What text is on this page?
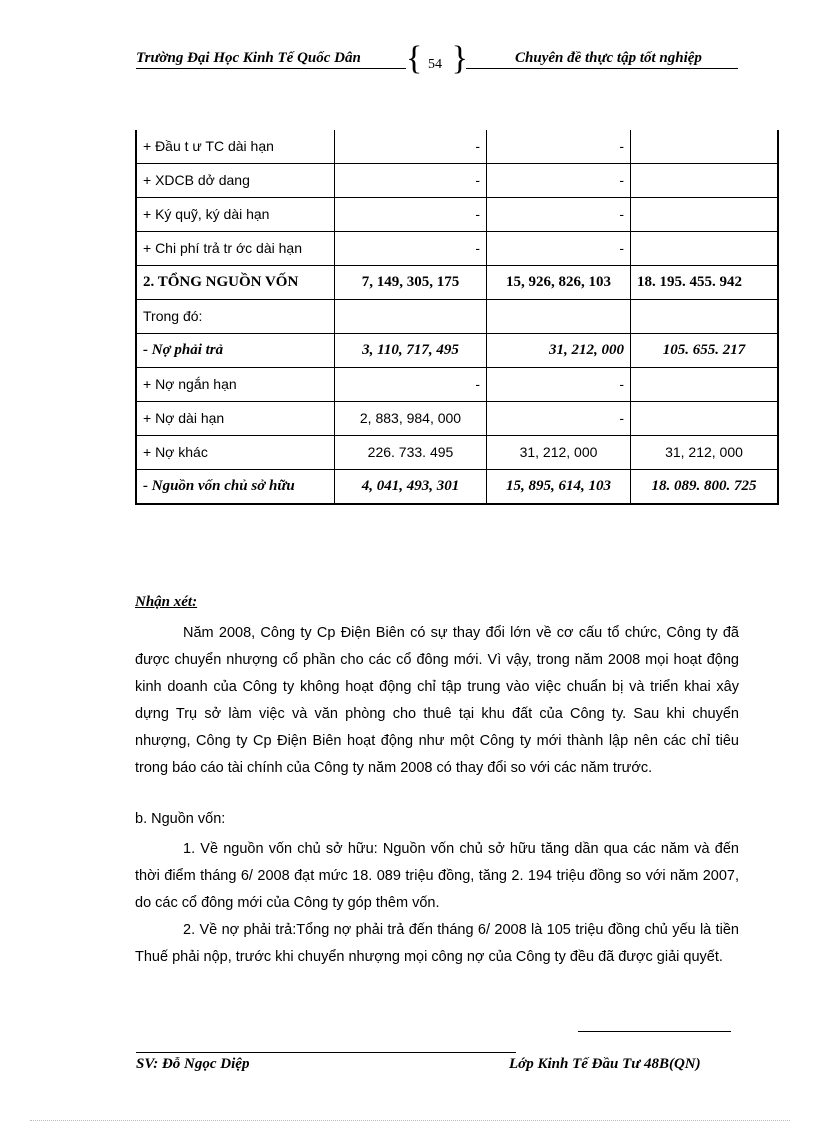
Trường Đại Học Kinh Tế Quốc Dân { 54 }	Chuyên đề thực tập tốt nghiệp
+ Đầu t ư TC dài hạn	-	-	
+ XDCB dở dang	-	-	
+ Ký quỹ, ký dài hạn	-	-	
+ Chi phí trả tr ớc dài hạn	-	-	
2. TỔNG NGUỒN VỐN	7, 149, 305, 175	15, 926, 826, 103	18. 195. 455. 942
Trong đó:			
- Nợ phải trả	3, 110, 717, 495	31, 212, 000	105. 655. 217
+ Nợ ngắn hạn	-	-	
+ Nợ dài hạn	2, 883, 984, 000	-	
+ Nợ khác	226. 733. 495	31, 212, 000	31, 212, 000
- Nguồn vốn chủ sở hữu	4, 041, 493, 301	15, 895, 614, 103	18. 089. 800. 725
Nhận xét:
Năm 2008, Công ty Cp Điện Biên có sự thay đổi lớn về cơ cấu tổ chức, Công ty đã được chuyển nhượng cổ phần cho các cổ đông mới. Vì vậy, trong năm 2008 mọi hoạt động kinh doanh của Công ty không hoạt động chỉ tập trung vào việc chuẩn bị và triển khai xây dựng Trụ sở làm việc và văn phòng cho thuê tại khu đất của Công ty. Sau khi chuyển nhượng, Công ty Cp Điện Biên hoạt động như một Công ty mới thành lập nên các chỉ tiêu trong báo cáo tài chính của Công ty năm 2008 có thay đổi so với các năm trước.
b. Nguồn vốn:
1. Về nguồn vốn chủ sở hữu: Nguồn vốn chủ sở hữu tăng dần qua các năm và đến thời điểm tháng 6/ 2008 đạt mức 18. 089 triệu đồng, tăng 2. 194 triệu đồng so với năm 2007, do các cổ đông mới của Công ty góp thêm vốn.
2. Về nợ phải trả:Tổng nợ phải trả đến tháng 6/ 2008 là 105 triệu đồng chủ yếu là tiền Thuế phải nộp, trước khi chuyển nhượng mọi công nợ của Công ty đều đã được giải quyết.
SV: Đỗ Ngọc Diệp	Lớp Kinh Tế Đầu Tư 48B(QN)
